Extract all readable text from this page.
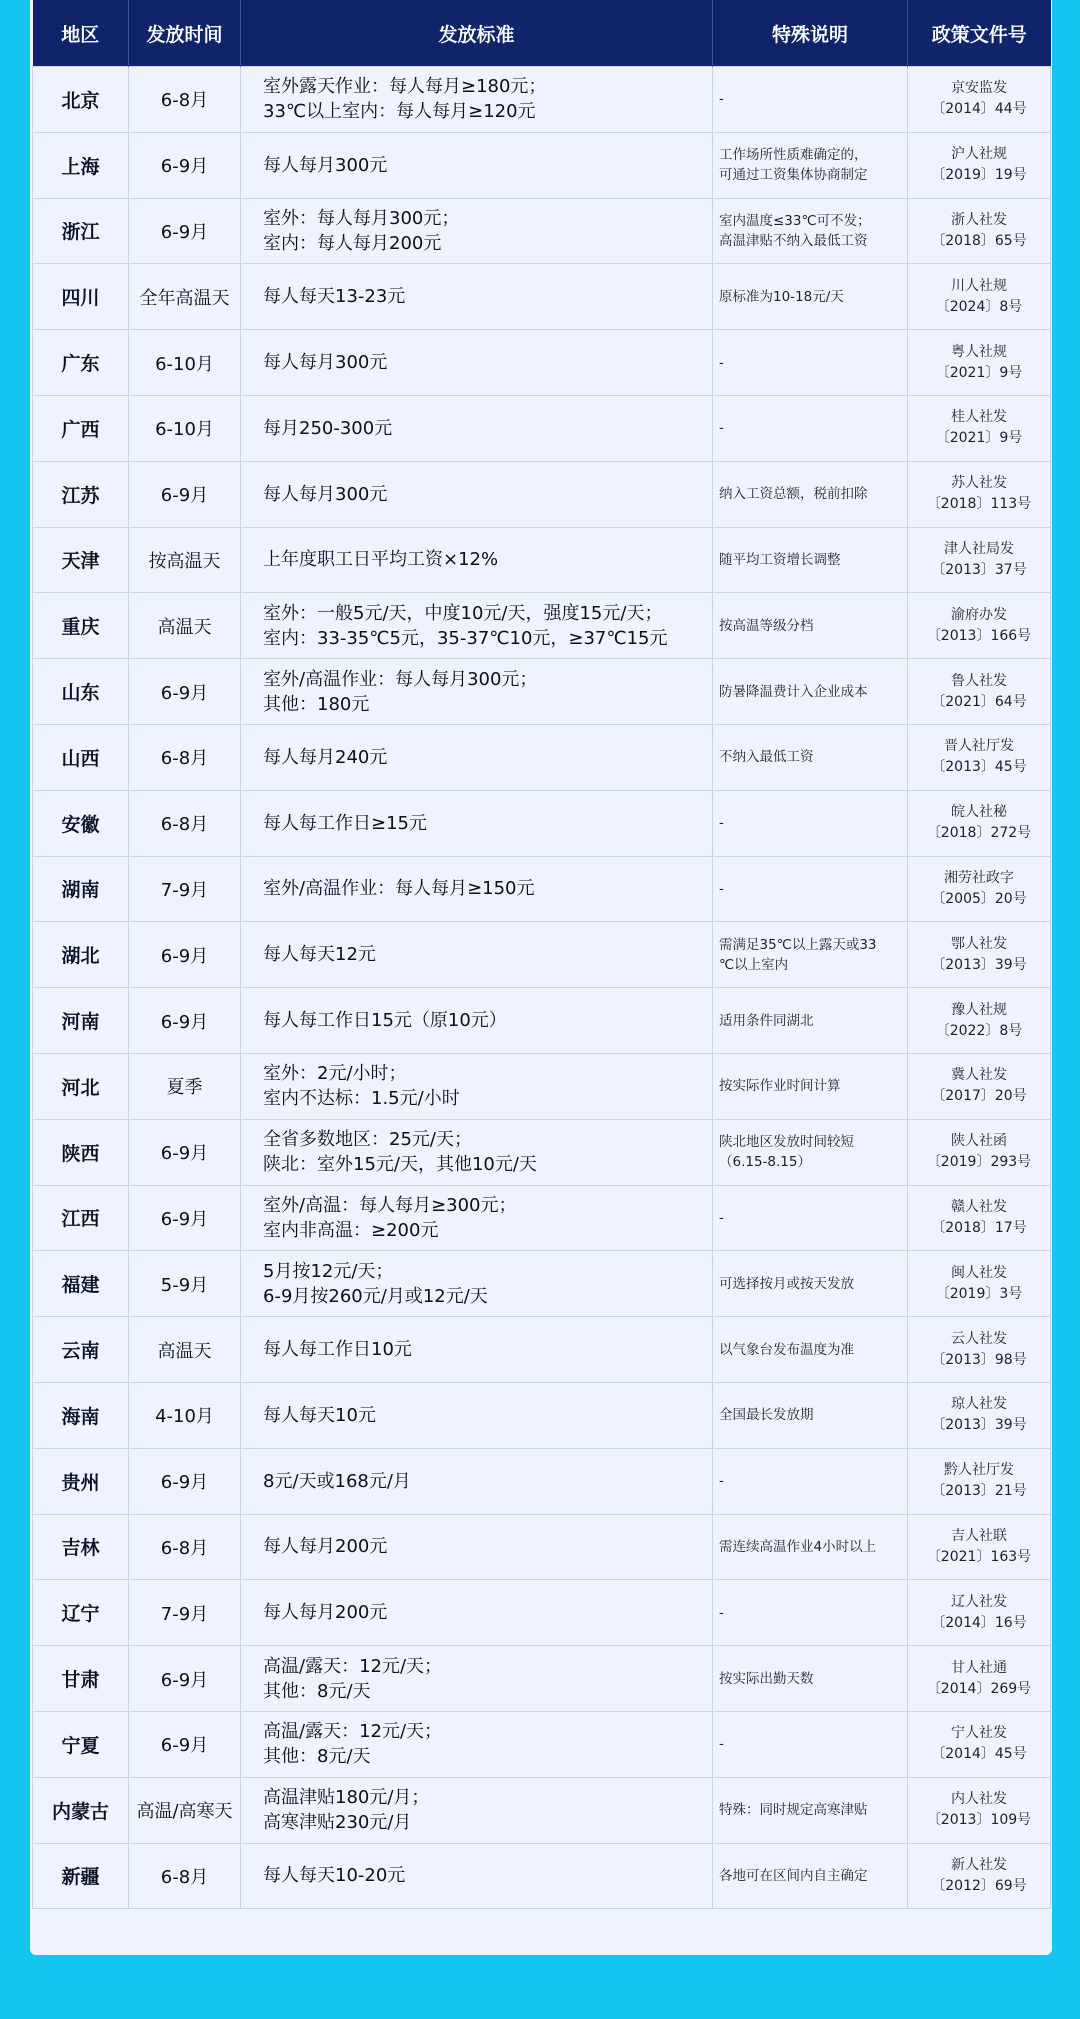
地区	发放时间	发放标准	特殊说明	政策文件号
北京	6-8月	室外露天作业：每人每月≥180元；
33℃以上室内：每人每月≥120元	-	京安监发
〔2014〕44号
上海	6-9月	每人每月300元	工作场所性质难确定的，
可通过工资集体协商制定	沪人社规
〔2019〕19号
浙江	6-9月	室外：每人每月300元；
室内：每人每月200元	室内温度≤33℃可不发；
高温津贴不纳入最低工资	浙人社发
〔2018〕65号
四川	全年高温天	每人每天13-23元	原标准为10-18元/天	川人社规
〔2024〕8号
广东	6-10月	每人每月300元	-	粤人社规
〔2021〕9号
广西	6-10月	每月250-300元	-	桂人社发
〔2021〕9号
江苏	6-9月	每人每月300元	纳入工资总额，税前扣除	苏人社发
〔2018〕113号
天津	按高温天	上年度职工日平均工资×12%	随平均工资增长调整	津人社局发
〔2013〕37号
重庆	高温天	室外：一般5元/天，中度10元/天，强度15元/天；
室内：33-35℃5元，35-37℃10元，≥37℃15元	按高温等级分档	渝府办发
〔2013〕166号
山东	6-9月	室外/高温作业：每人每月300元；
其他：180元	防暑降温费计入企业成本	鲁人社发
〔2021〕64号
山西	6-8月	每人每月240元	不纳入最低工资	晋人社厅发
〔2013〕45号
安徽	6-8月	每人每工作日≥15元	-	皖人社秘
〔2018〕272号
湖南	7-9月	室外/高温作业：每人每月≥150元	-	湘劳社政字
〔2005〕20号
湖北	6-9月	每人每天12元	需满足35℃以上露天或33
℃以上室内	鄂人社发
〔2013〕39号
河南	6-9月	每人每工作日15元（原10元）	适用条件同湖北	豫人社规
〔2022〕8号
河北	夏季	室外：2元/小时；
室内不达标：1.5元/小时	按实际作业时间计算	冀人社发
〔2017〕20号
陕西	6-9月	全省多数地区：25元/天；
陕北：室外15元/天，其他10元/天	陕北地区发放时间较短
（6.15-8.15）	陕人社函
〔2019〕293号
江西	6-9月	室外/高温：每人每月≥300元；
室内非高温：≥200元	-	赣人社发
〔2018〕17号
福建	5-9月	5月按12元/天；
6-9月按260元/月或12元/天	可选择按月或按天发放	闽人社发
〔2019〕3号
云南	高温天	每人每工作日10元	以气象台发布温度为准	云人社发
〔2013〕98号
海南	4-10月	每人每天10元	全国最长发放期	琼人社发
〔2013〕39号
贵州	6-9月	8元/天或168元/月	-	黔人社厅发
〔2013〕21号
吉林	6-8月	每人每月200元	需连续高温作业4小时以上	吉人社联
〔2021〕163号
辽宁	7-9月	每人每月200元	-	辽人社发
〔2014〕16号
甘肃	6-9月	高温/露天：12元/天；
其他：8元/天	按实际出勤天数	甘人社通
〔2014〕269号
宁夏	6-9月	高温/露天：12元/天；
其他：8元/天	-	宁人社发
〔2014〕45号
内蒙古	高温/高寒天	高温津贴180元/月；
高寒津贴230元/月	特殊：同时规定高寒津贴	内人社发
〔2013〕109号
新疆	6-8月	每人每天10-20元	各地可在区间内自主确定	新人社发
〔2012〕69号
